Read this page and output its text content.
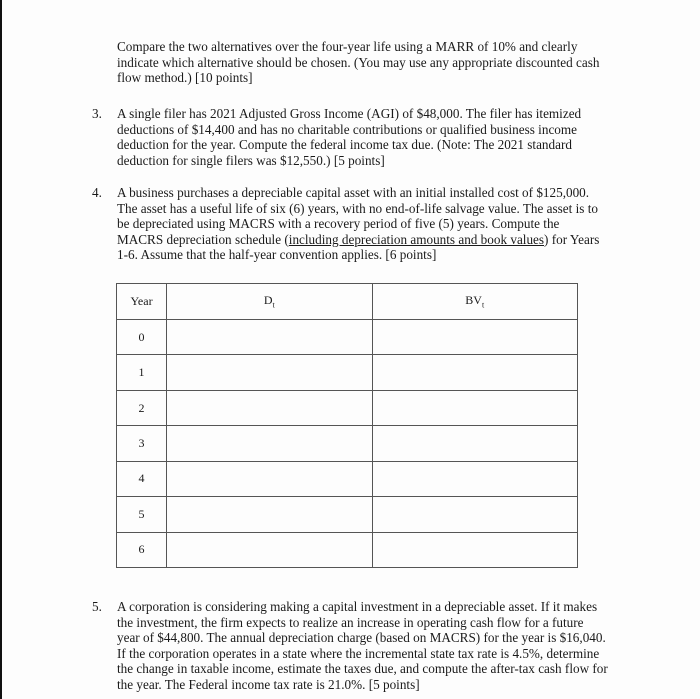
Compare the two alternatives over the four-year life using a MARR of 10% and clearly indicate which alternative should be chosen. (You may use any appropriate discounted cash flow method.) [10 points]
3. A single filer has 2021 Adjusted Gross Income (AGI) of $48,000. The filer has itemized deductions of $14,400 and has no charitable contributions or qualified business income deduction for the year. Compute the federal income tax due. (Note: The 2021 standard deduction for single filers was $12,550.) [5 points]
4. A business purchases a depreciable capital asset with an initial installed cost of $125,000. The asset has a useful life of six (6) years, with no end-of-life salvage value. The asset is to be depreciated using MACRS with a recovery period of five (5) years. Compute the MACRS depreciation schedule (including depreciation amounts and book values) for Years 1-6. Assume that the half-year convention applies. [6 points]
Year	$D_t$	$BV_t$
0		
1		
2		
3		
4		
5		
6		
5. A corporation is considering making a capital investment in a depreciable asset. If it makes the investment, the firm expects to realize an increase in operating cash flow for a future year of $44,800. The annual depreciation charge (based on MACRS) for the year is $16,040. If the corporation operates in a state where the incremental state tax rate is 4.5%, determine the change in taxable income, estimate the taxes due, and compute the after-tax cash flow for the year. The Federal income tax rate is 21.0%. [5 points]
